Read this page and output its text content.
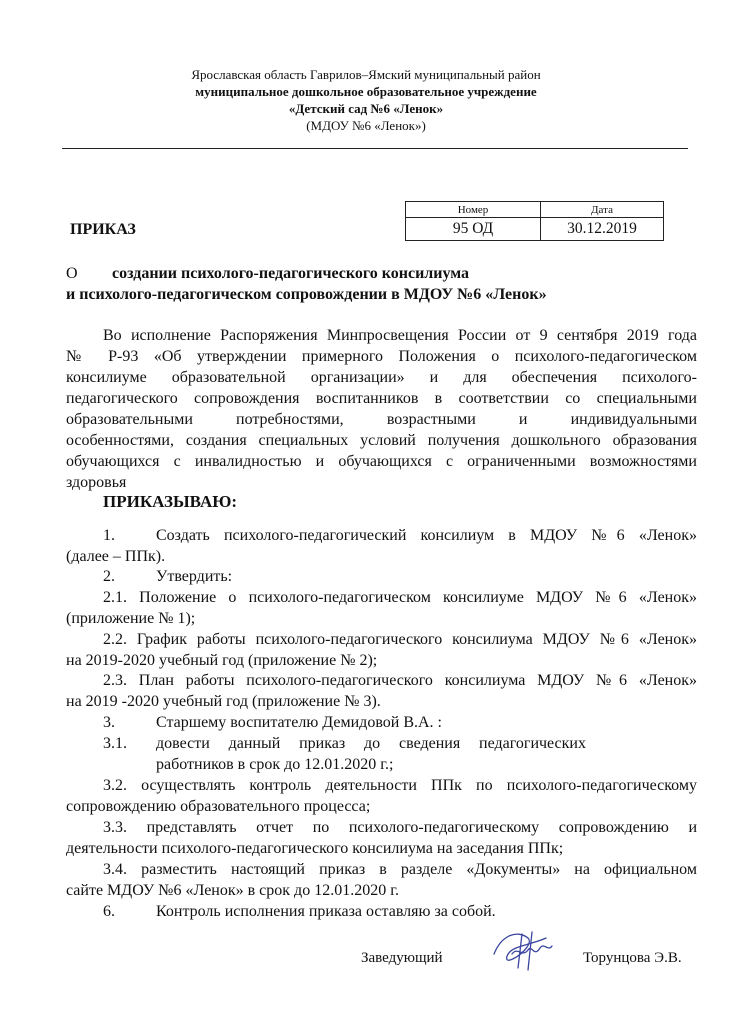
Ярославская область Гаврилов–Ямский муниципальный район
муниципальное дошкольное образовательное учреждение
«Детский сад №6 «Ленок»
(МДОУ №6 «Ленок»)
ПРИКАЗ
Номер	Дата
95 ОД	30.12.2019
О создании психолого-педагогического консилиума
и психолого-педагогическом сопровождении в МДОУ №6 «Ленок»
Во исполнение Распоряжения Минпросвещения России от 9 сентября 2019 года
№ Р-93 «Об утверждении примерного Положения о психолого-педагогическом
консилиуме образовательной организации» и для обеспечения психолого-
педагогического сопровождения воспитанников в соответствии со специальными
образовательными потребностями, возрастными и индивидуальными
особенностями, создания специальных условий получения дошкольного образования
обучающихся с инвалидностью и обучающихся с ограниченными возможностями
здоровья
ПРИКАЗЫВАЮ:
1.	Создать психолого-педагогический консилиум в МДОУ №6 «Ленок»
(далее – ППк).
2.	Утвердить:
2.1. Положение о психолого-педагогическом консилиуме МДОУ №6 «Ленок»
(приложение № 1);
2.2. График работы психолого-педагогического консилиума МДОУ №6 «Ленок»
на 2019-2020 учебный год (приложение № 2);
2.3. План работы психолого-педагогического консилиума МДОУ №6 «Ленок»
на 2019 -2020 учебный год (приложение № 3).
3.	Старшему воспитателю Демидовой В.А. :
3.1. довести данный приказ до сведения педагогических
работников в срок до 12.01.2020 г.;
3.2. осуществлять контроль деятельности ППк по психолого-педагогическому
сопровождению образовательного процесса;
3.3. представлять отчет по психолого-педагогическому сопровождению и
деятельности психолого-педагогического консилиума на заседания ППк;
3.4. разместить настоящий приказ в разделе «Документы» на официальном
сайте МДОУ №6 «Ленок» в срок до 12.01.2020 г.
6.	Контроль исполнения приказа оставляю за собой.
Заведующий	Торунцова Э.В.
